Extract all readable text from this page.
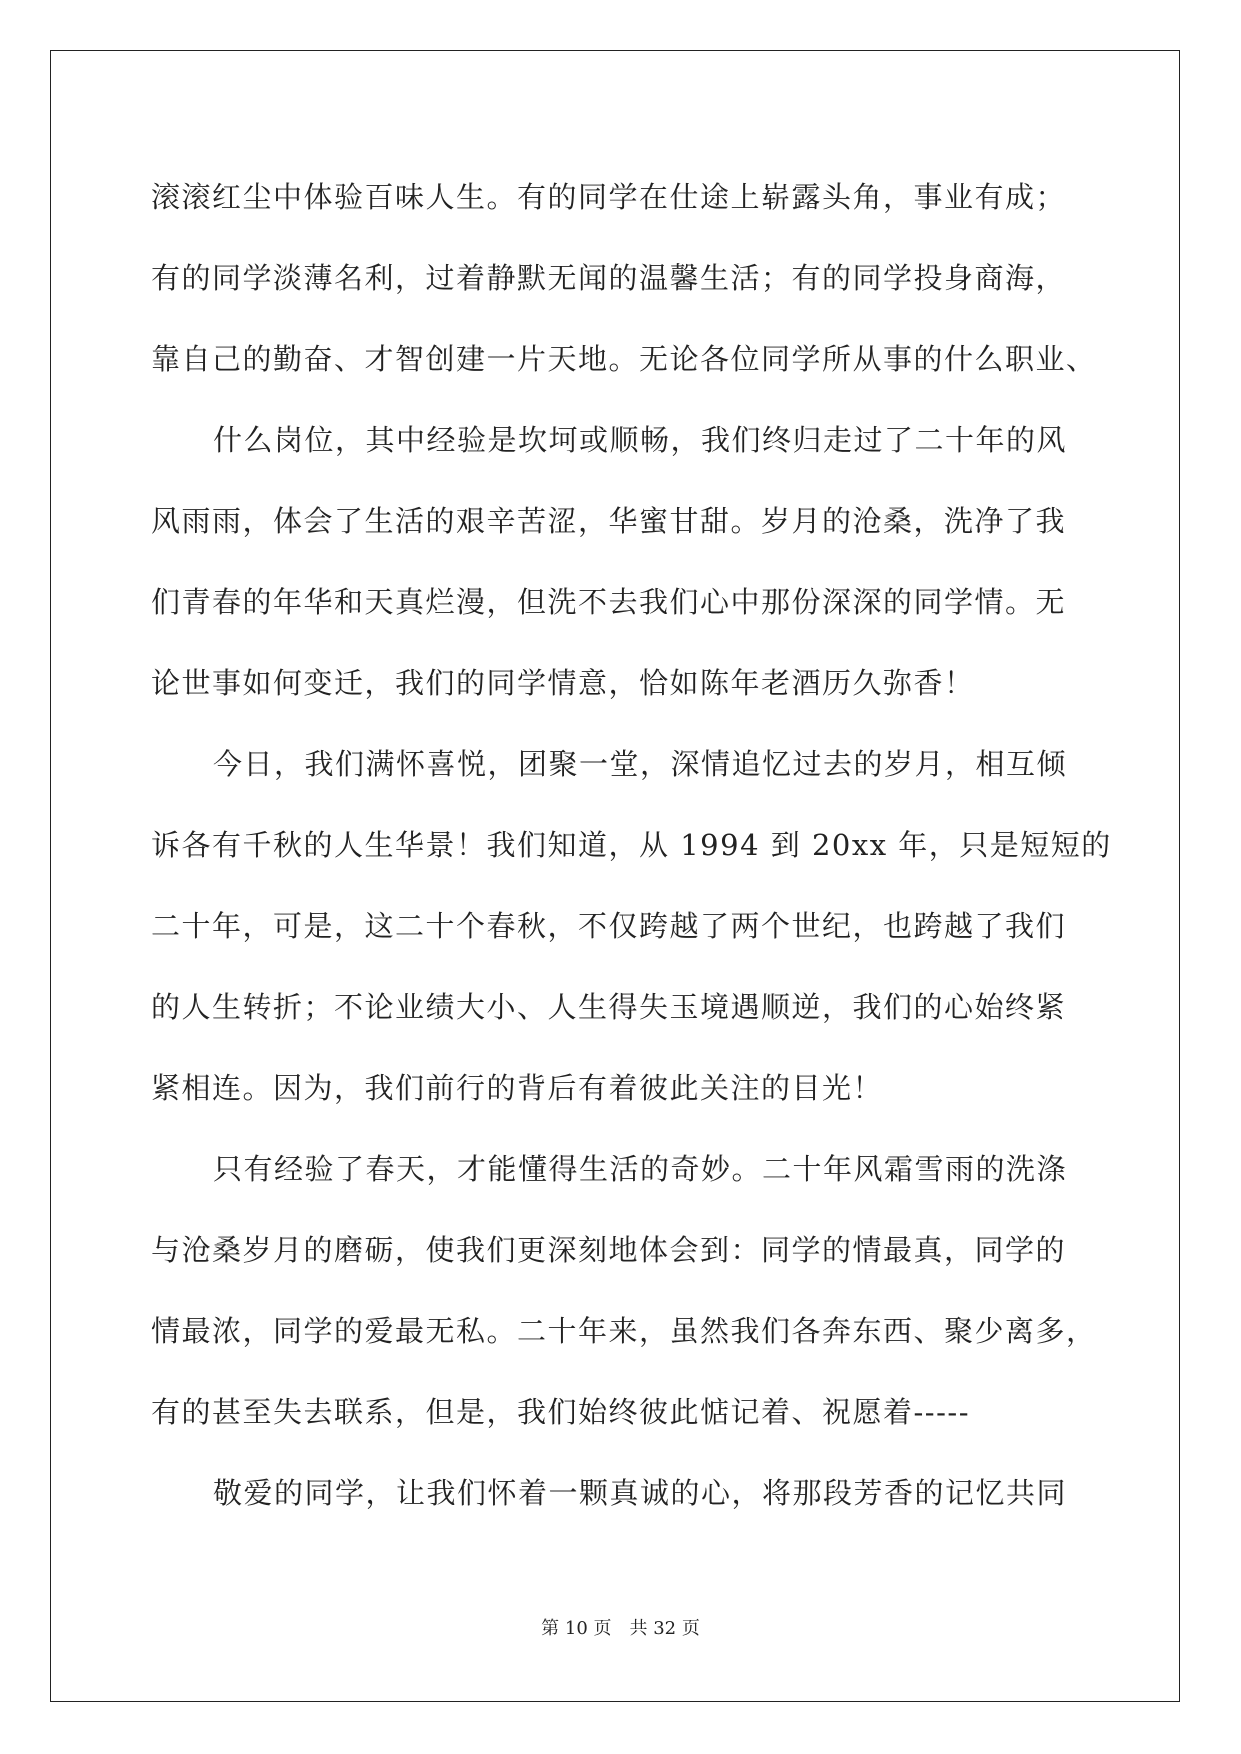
滚滚红尘中体验百味人生。有的同学在仕途上崭露头角，事业有成；
有的同学淡薄名利，过着静默无闻的温馨生活；有的同学投身商海，
靠自己的勤奋、才智创建一片天地。无论各位同学所从事的什么职业、
什么岗位，其中经验是坎坷或顺畅，我们终归走过了二十年的风
风雨雨，体会了生活的艰辛苦涩，华蜜甘甜。岁月的沧桑，洗净了我
们青春的年华和天真烂漫，但洗不去我们心中那份深深的同学情。无
论世事如何变迁，我们的同学情意，恰如陈年老酒历久弥香！
今日，我们满怀喜悦，团聚一堂，深情追忆过去的岁月，相互倾
诉各有千秋的人生华景！我们知道，从 1994 到 20xx 年，只是短短的
二十年，可是，这二十个春秋，不仅跨越了两个世纪，也跨越了我们
的人生转折；不论业绩大小、人生得失玉境遇顺逆，我们的心始终紧
紧相连。因为，我们前行的背后有着彼此关注的目光！
只有经验了春天，才能懂得生活的奇妙。二十年风霜雪雨的洗涤
与沧桑岁月的磨砺，使我们更深刻地体会到：同学的情最真，同学的
情最浓，同学的爱最无私。二十年来，虽然我们各奔东西、聚少离多，
有的甚至失去联系，但是，我们始终彼此惦记着、祝愿着-----
敬爱的同学，让我们怀着一颗真诚的心，将那段芳香的记忆共同
第 10 页　共 32 页
